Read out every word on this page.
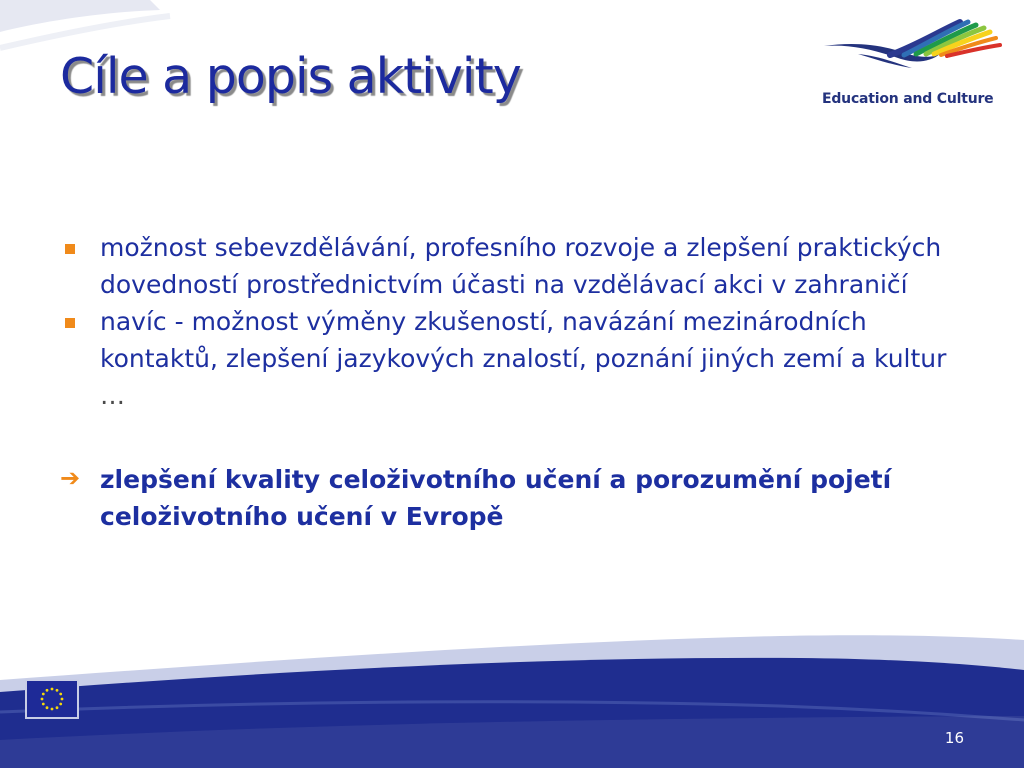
Cíle a popis aktivity	Education and Culture
možnost sebevzdělávání, profesního rozvoje a zlepšení praktických dovedností prostřednictvím účasti na vzdělávací akci v zahraničí
navíc - možnost výměny zkušeností, navázání mezinárodních kontaktů, zlepšení jazykových znalostí, poznání jiných zemí a kultur …
➔ zlepšení kvality celoživotního učení a porozumění pojetí celoživotního učení v Evropě
16
